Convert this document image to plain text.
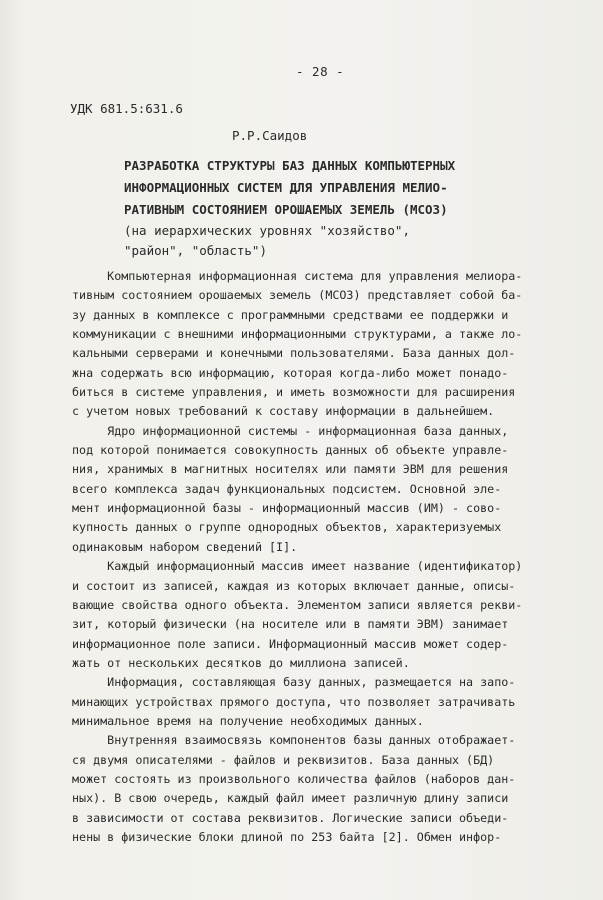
- 28 -
УДК 681.5:631.6
Р.Р.Саидов
РАЗРАБОТКА СТРУКТУРЫ БАЗ ДАННЫХ КОМПЬЮТЕРНЫХ
ИНФОРМАЦИОННЫХ СИСТЕМ ДЛЯ УПРАВЛЕНИЯ МЕЛИО-
РАТИВНЫМ СОСТОЯНИЕМ ОРОШАЕМЫХ ЗЕМЕЛЬ (МСОЗ)
(на иерархических уровнях "хозяйство",
"район", "область")
Компьютерная информационная система для управления мелиора-
тивным состоянием орошаемых земель (МСОЗ) представляет собой ба-
зу данных в комплексе с программными средствами ее поддержки и
коммуникации с внешними информационными структурами, а также ло-
кальными серверами и конечными пользователями. База данных дол-
жна содержать всю информацию, которая когда-либо может понадо-
биться в системе управления, и иметь возможности для расширения
с учетом новых требований к составу информации в дальнейшем.
Ядро информационной системы - информационная база данных,
под которой понимается совокупность данных об объекте управле-
ния, хранимых в магнитных носителях или памяти ЭВМ для решения
всего комплекса задач функциональных подсистем. Основной эле-
мент информационной базы - информационный массив (ИМ) - сово-
купность данных о группе однородных объектов, характеризуемых
одинаковым набором сведений [I].
Каждый информационный массив имеет название (идентификатор)
и состоит из записей, каждая из которых включает данные, описы-
вающие свойства одного объекта. Элементом записи является рекви-
зит, который физически (на носителе или в памяти ЭВМ) занимает
информационное поле записи. Информационный массив может содер-
жать от нескольких десятков до миллиона записей.
Информация, составляющая базу данных, размещается на запо-
минающих устройствах прямого доступа, что позволяет затрачивать
минимальное время на получение необходимых данных.
Внутренняя взаимосвязь компонентов базы данных отображает-
ся двумя описателями - файлов и реквизитов. База данных (БД)
может состоять из произвольного количества файлов (наборов дан-
ных). В свою очередь, каждый файл имеет различную длину записи
в зависимости от состава реквизитов. Логические записи объеди-
нены в физические блоки длиной по 253 байта [2]. Обмен инфор-
